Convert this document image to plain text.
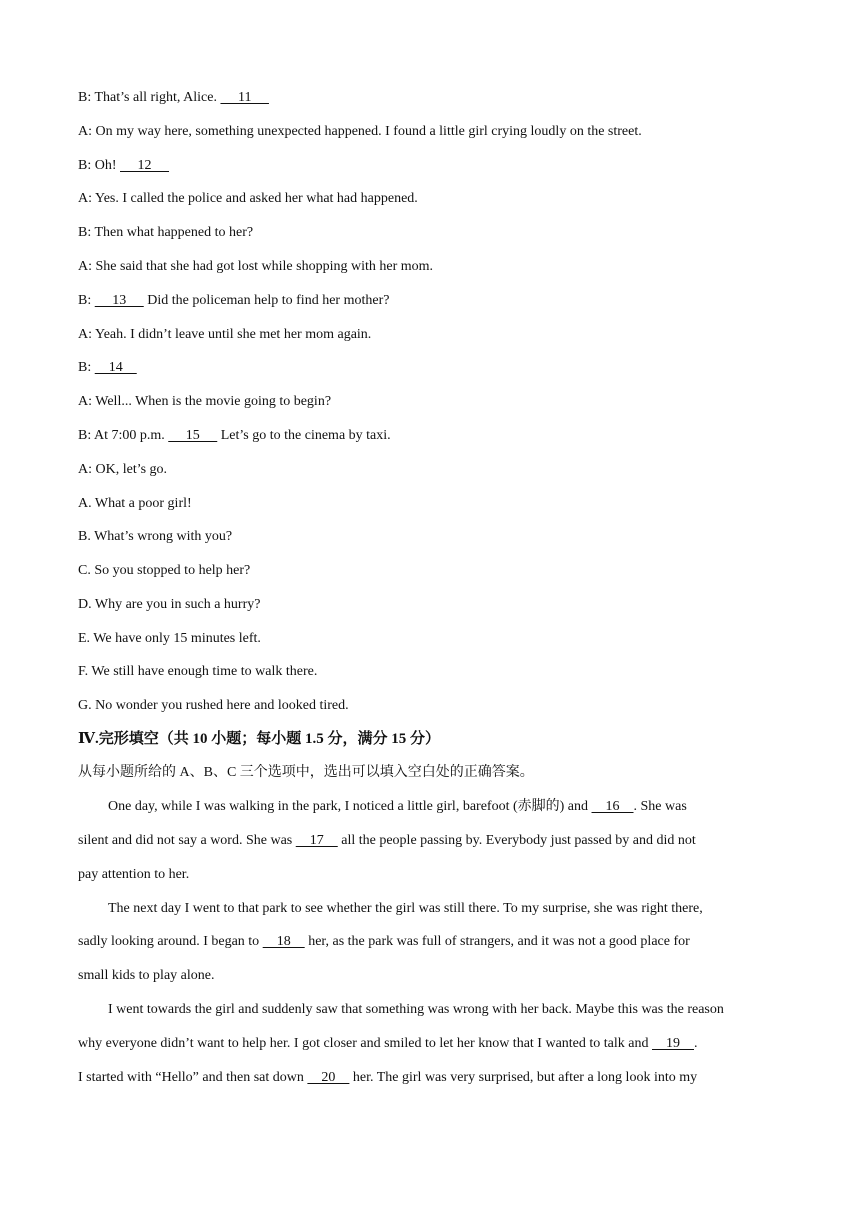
B: That’s all right, Alice.      11
A: On my way here, something unexpected happened. I found a little girl crying loudly on the street.
B: Oh!      12
A: Yes. I called the police and asked her what had happened.
B: Then what happened to her?
A: She said that she had got lost while shopping with her mom.
B:      13      Did the policeman help to find her mother?
A: Yeah. I didn’t leave until she met her mom again.
B:     14
A: Well... When is the movie going to begin?
B: At 7:00 p.m.      15      Let’s go to the cinema by taxi.
A: OK, let’s go.
A. What a poor girl!
B. What’s wrong with you?
C. So you stopped to help her?
D. Why are you in such a hurry?
E. We have only 15 minutes left.
F. We still have enough time to walk there.
G. No wonder you rushed here and looked tired.
Ⅳ.完形填空（共 10 小题；每小题 1.5 分，满分 15 分）
从每小题所给的 A、B、C 三个选项中，选出可以填入空白处的正确答案。
One day, while I was walking in the park, I noticed a little girl, barefoot (赤脚的) and     16    . She was
silent and did not say a word. She was     17     all the people passing by. Everybody just passed by and did not
pay attention to her.
The next day I went to that park to see whether the girl was still there. To my surprise, she was right there,
sadly looking around. I began to     18     her, as the park was full of strangers, and it was not a good place for
small kids to play alone.
I went towards the girl and suddenly saw that something was wrong with her back. Maybe this was the reason
why everyone didn’t want to help her. I got closer and smiled to let her know that I wanted to talk and     19    .
I started with “Hello” and then sat down     20     her. The girl was very surprised, but after a long look into my
